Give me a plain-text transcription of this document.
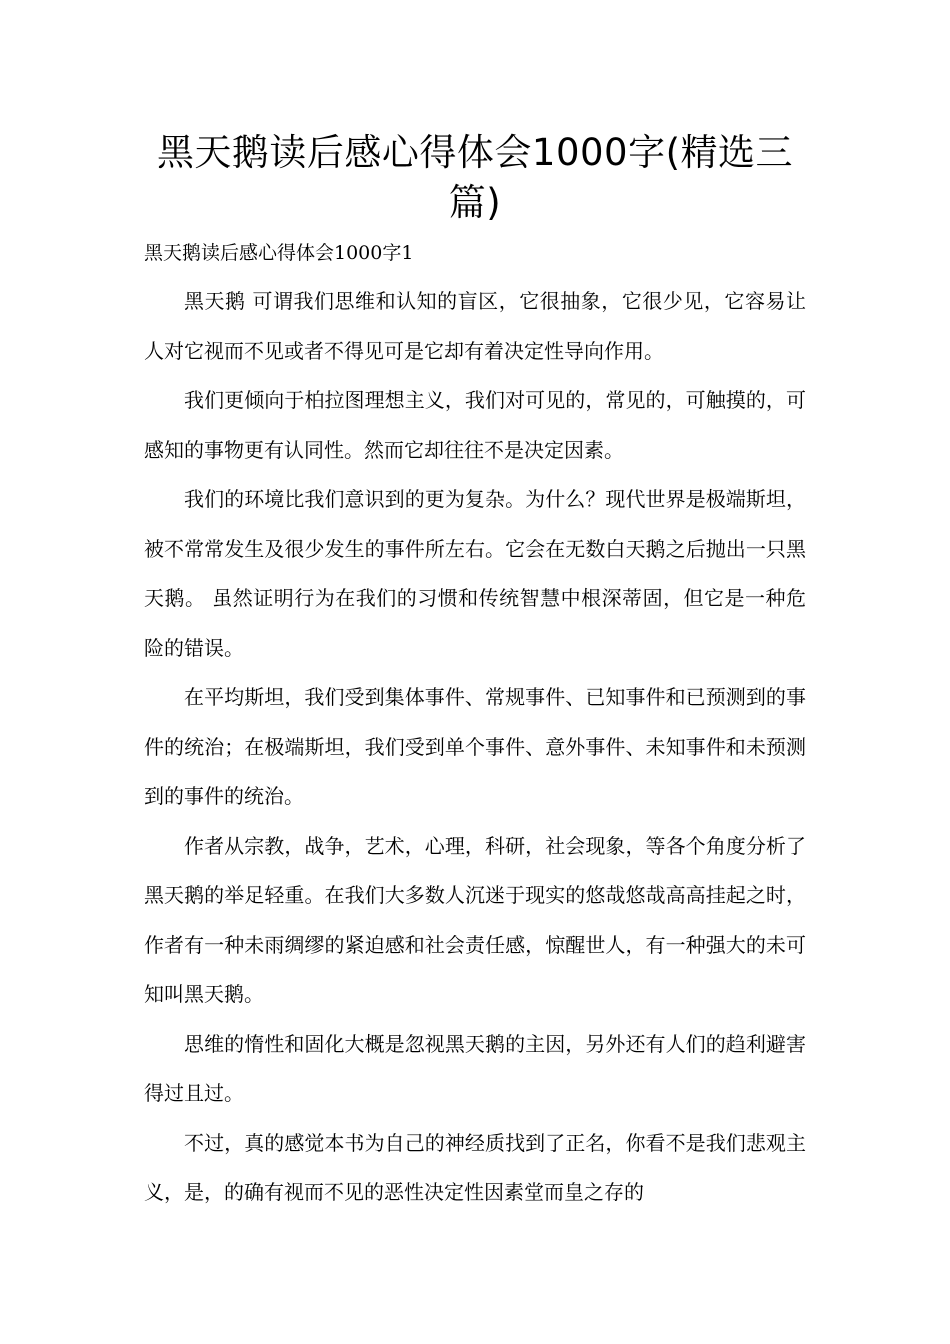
黑天鹅读后感心得体会1000字(精选三篇)
黑天鹅读后感心得体会1000字1

黑天鹅 可谓我们思维和认知的盲区，它很抽象，它很少见，它容易让人对它视而不见或者不得见可是它却有着决定性导向作用。

我们更倾向于柏拉图理想主义，我们对可见的，常见的，可触摸的，可感知的事物更有认同性。然而它却往往不是决定因素。

我们的环境比我们意识到的更为复杂。为什么？现代世界是极端斯坦，被不常常发生及很少发生的事件所左右。它会在无数白天鹅之后抛出一只黑天鹅。 虽然证明行为在我们的习惯和传统智慧中根深蒂固，但它是一种危险的错误。

在平均斯坦，我们受到集体事件、常规事件、已知事件和已预测到的事件的统治；在极端斯坦，我们受到单个事件、意外事件、未知事件和未预测到的事件的统治。

作者从宗教，战争，艺术，心理，科研，社会现象，等各个角度分析了黑天鹅的举足轻重。在我们大多数人沉迷于现实的悠哉悠哉高高挂起之时，作者有一种未雨绸缪的紧迫感和社会责任感，惊醒世人，有一种强大的未可知叫黑天鹅。

思维的惰性和固化大概是忽视黑天鹅的主因，另外还有人们的趋利避害得过且过。

不过，真的感觉本书为自己的神经质找到了正名，你看不是我们悲观主义，是，的确有视而不见的恶性决定性因素堂而皇之存的
